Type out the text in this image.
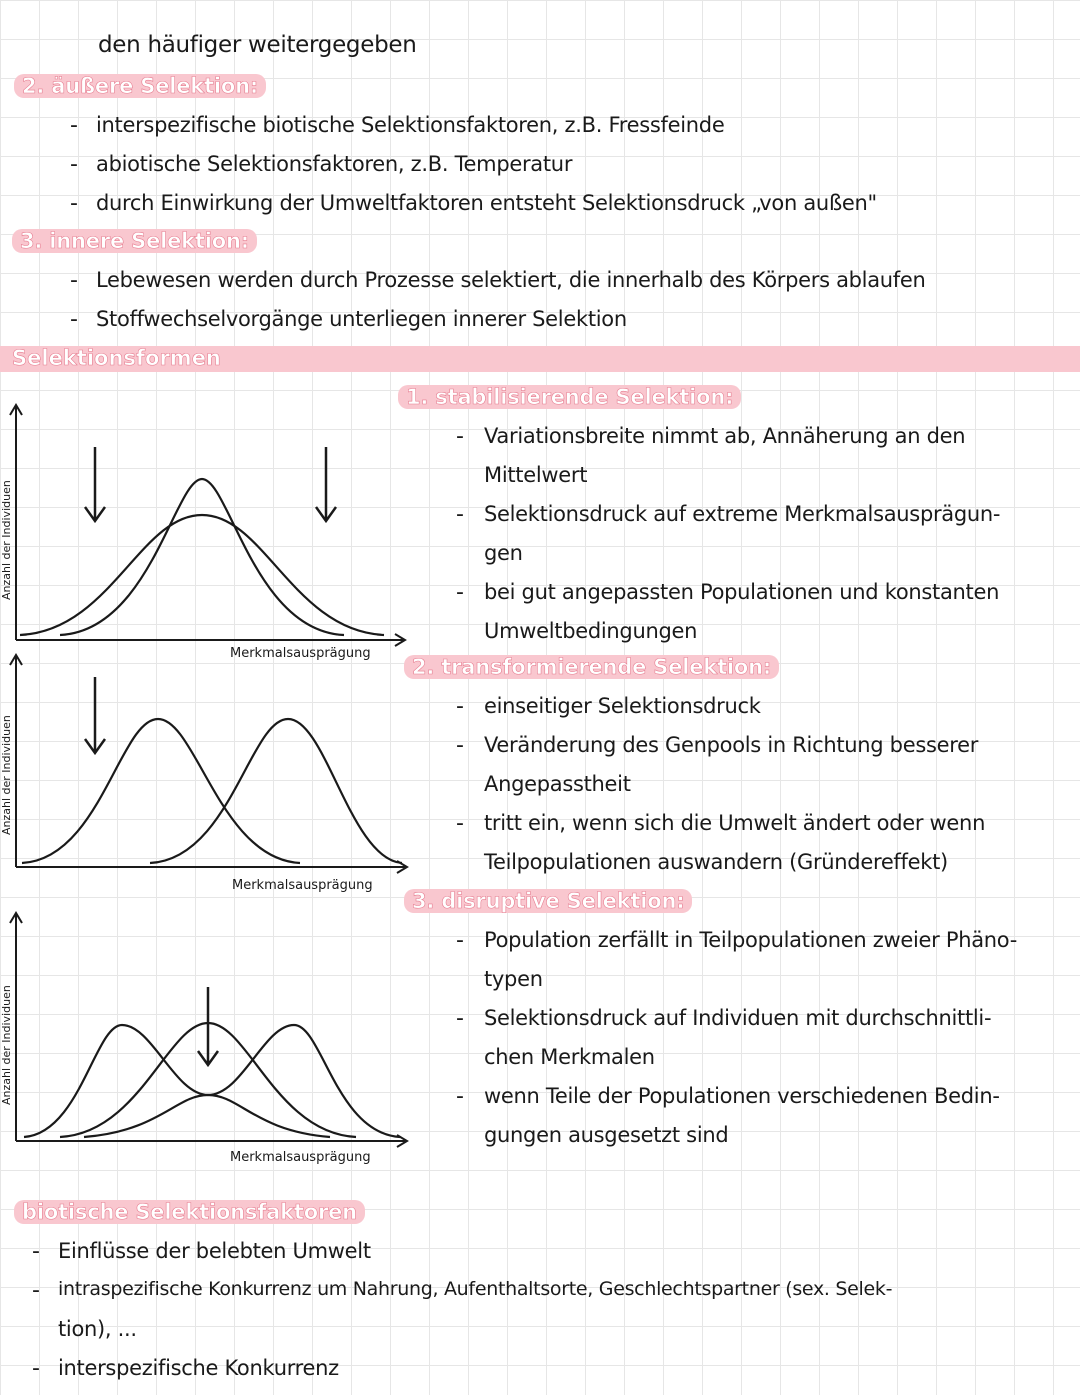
den häufiger weitergegeben
2. äußere Selektion:
- interspezifische biotische Selektionsfaktoren, z.B. Fressfeinde
- abiotische Selektionsfaktoren, z.B. Temperatur
- durch Einwirkung der Umweltfaktoren entsteht Selektionsdruck „von außen"
3. innere Selektion:
- Lebewesen werden durch Prozesse selektiert, die innerhalb des Körpers ablaufen
- Stoffwechselvorgänge unterliegen innerer Selektion
Selektionsformen
Anzahl der Individuen
Merkmalsausprägung
Anzahl der Individuen
Merkmalsausprägung
Anzahl der Individuen
Merkmalsausprägung
1. stabilisierende Selektion:
- Variationsbreite nimmt ab, Annäherung an den
Mittelwert
- Selektionsdruck auf extreme Merkmalsausprägun-
gen
- bei gut angepassten Populationen und konstanten
Umweltbedingungen
2. transformierende Selektion:
- einseitiger Selektionsdruck
- Veränderung des Genpools in Richtung besserer
Angepasstheit
- tritt ein, wenn sich die Umwelt ändert oder wenn
Teilpopulationen auswandern (Gründereffekt)
3. disruptive Selektion:
- Population zerfällt in Teilpopulationen zweier Phäno-
typen
- Selektionsdruck auf Individuen mit durchschnittli-
chen Merkmalen
- wenn Teile der Populationen verschiedenen Bedin-
gungen ausgesetzt sind
biotische Selektionsfaktoren
- Einflüsse der belebten Umwelt
- intraspezifische Konkurrenz um Nahrung, Aufenthaltsorte, Geschlechtspartner (sex. Selek-
tion), ...
- interspezifische Konkurrenz
